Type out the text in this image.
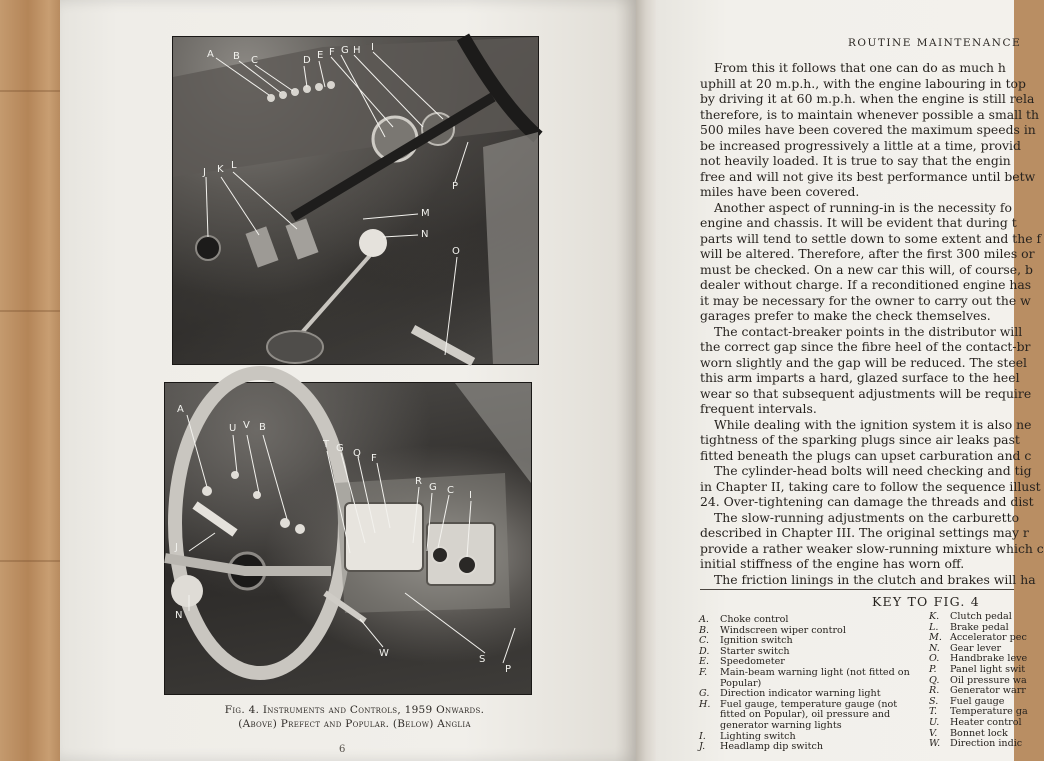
A B C	D E F G H I
J K L
M
N
O
P
A
U V B
T G Q F
R
G C I
J
N
W
S
P
Fig. 4. Instruments and Controls, 1959 Onwards.
(Above) Prefect and Popular. (Below) Anglia
6
ROUTINE MAINTENANCE
From this it follows that one can do as much h
uphill at 20 m.p.h., with the engine labouring in top
by driving it at 60 m.p.h. when the engine is still rela
therefore, is to maintain whenever possible a small th
500 miles have been covered the maximum speeds in
be increased progressively a little at a time, provid
not heavily loaded. It is true to say that the engin
free and will not give its best performance until betw
miles have been covered.
Another aspect of running-in is the necessity fo
engine and chassis. It will be evident that during t
parts will tend to settle down to some extent and the f
will be altered. Therefore, after the first 300 miles or
must be checked. On a new car this will, of course, b
dealer without charge. If a reconditioned engine has
it may be necessary for the owner to carry out the w
garages prefer to make the check themselves.
The contact-breaker points in the distributor will
the correct gap since the fibre heel of the contact-br
worn slightly and the gap will be reduced. The steel
this arm imparts a hard, glazed surface to the heel
wear so that subsequent adjustments will be require
frequent intervals.
While dealing with the ignition system it is also ne
tightness of the sparking plugs since air leaks past
fitted beneath the plugs can upset carburation and c
The cylinder-head bolts will need checking and tig
in Chapter II, taking care to follow the sequence illust
24. Over-tightening can damage the threads and dist
The slow-running adjustments on the carburetto
described in Chapter III. The original settings may r
provide a rather weaker slow-running mixture which c
initial stiffness of the engine has worn off.
The friction linings in the clutch and brakes will ha
KEY TO FIG. 4
A.	Choke control
B.	Windscreen wiper control
C.	Ignition switch
D.	Starter switch
E.	Speedometer
F.	Main-beam warning light (not fitted on
Popular)
G.	Direction indicator warning light
H. Fuel gauge, temperature gauge (not
fitted on Popular), oil pressure and
generator warning lights
I.	Lighting switch
J.	Headlamp dip switch
K.	Clutch pedal
L.	Brake pedal
M. Accelerator pec
N.	Gear lever
O.	Handbrake leve
P.	Panel light swit
Q.	Oil pressure wa
R.	Generator warr
S.	Fuel gauge
T.	Temperature ga
U.	Heater control
V.	Bonnet lock
W.	Direction indic
